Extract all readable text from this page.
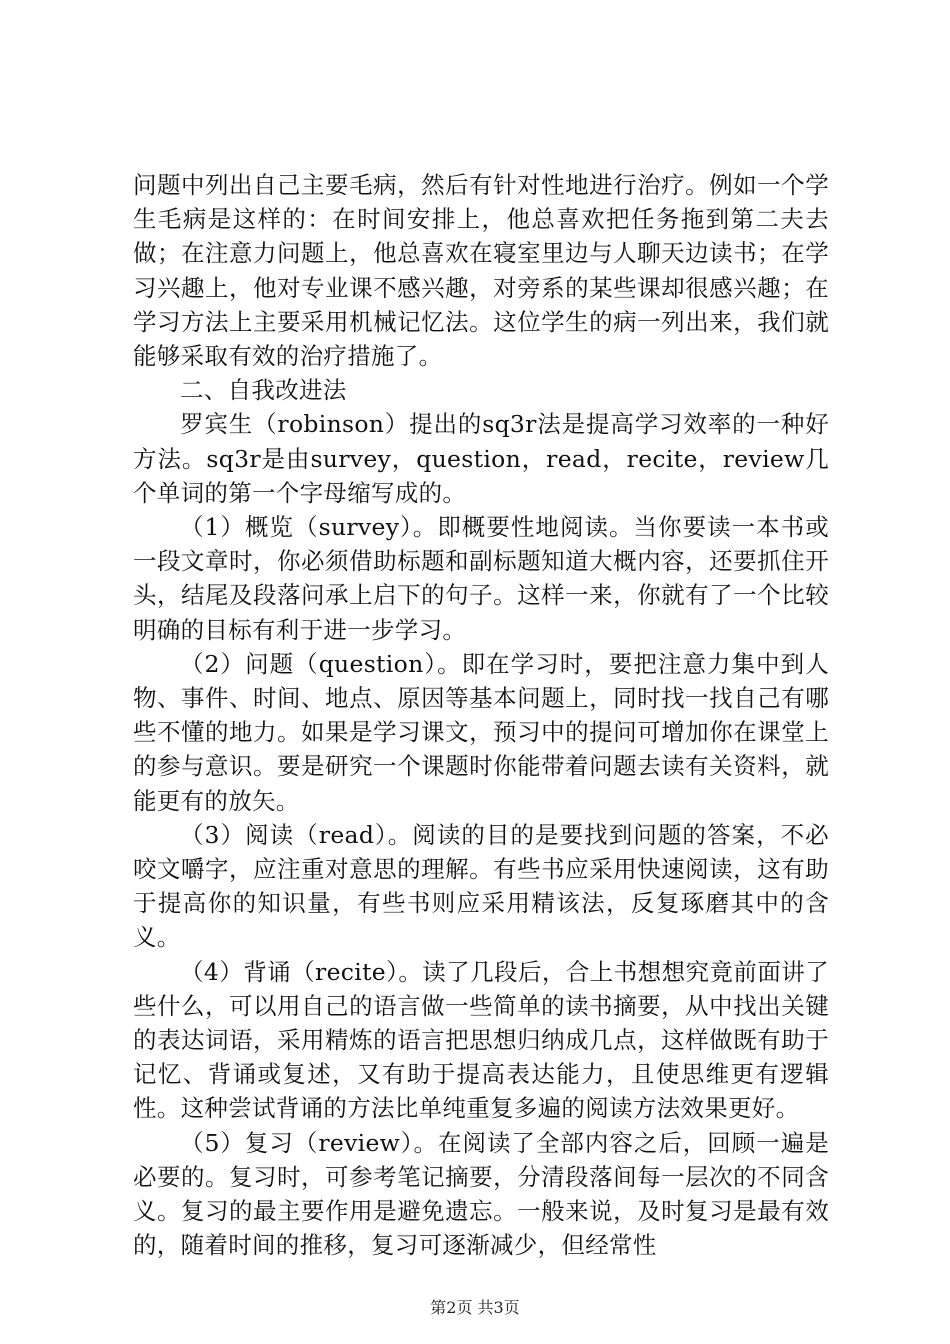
问题中列出自己主要毛病，然后有针对性地进行治疗。例如一个学生毛病是这样的：在时间安排上，他总喜欢把任务拖到第二夫去做；在注意力问题上，他总喜欢在寝室里边与人聊天边读书；在学习兴趣上，他对专业课不感兴趣，对旁系的某些课却很感兴趣；在学习方法上主要采用机械记忆法。这位学生的病一列出来，我们就能够采取有效的治疗措施了。

二、自我改进法

罗宾生（robinson）提出的sq3r法是提高学习效率的一种好方法。sq3r是由survey，question，read，recite，review几个单词的第一个字母缩写成的。

（1）概览（survey）。即概要性地阅读。当你要读一本书或一段文章时，你必须借助标题和副标题知道大概内容，还要抓住开头，结尾及段落问承上启下的句子。这样一来，你就有了一个比较明确的目标有利于进一步学习。

（2）问题（question）。即在学习时，要把注意力集中到人物、事件、时间、地点、原因等基本问题上，同时找一找自己有哪些不懂的地力。如果是学习课文，预习中的提问可增加你在课堂上的参与意识。要是研究一个课题时你能带着问题去读有关资料，就能更有的放矢。

（3）阅读（read）。阅读的目的是要找到问题的答案，不必咬文嚼字，应注重对意思的理解。有些书应采用快速阅读，这有助于提高你的知识量，有些书则应采用精该法，反复琢磨其中的含义。

（4）背诵（recite）。读了几段后，合上书想想究竟前面讲了些什么，可以用自己的语言做一些简单的读书摘要，从中找出关键的表达词语，采用精炼的语言把思想归纳成几点，这样做既有助于记忆、背诵或复述，又有助于提高表达能力，且使思维更有逻辑性。这种尝试背诵的方法比单纯重复多遍的阅读方法效果更好。

（5）复习（review）。在阅读了全部内容之后，回顾一遍是必要的。复习时，可参考笔记摘要，分清段落间每一层次的不同含义。复习的最主要作用是避免遗忘。一般来说，及时复习是最有效的，随着时间的推移，复习可逐渐减少，但经常性

第2页 共3页
